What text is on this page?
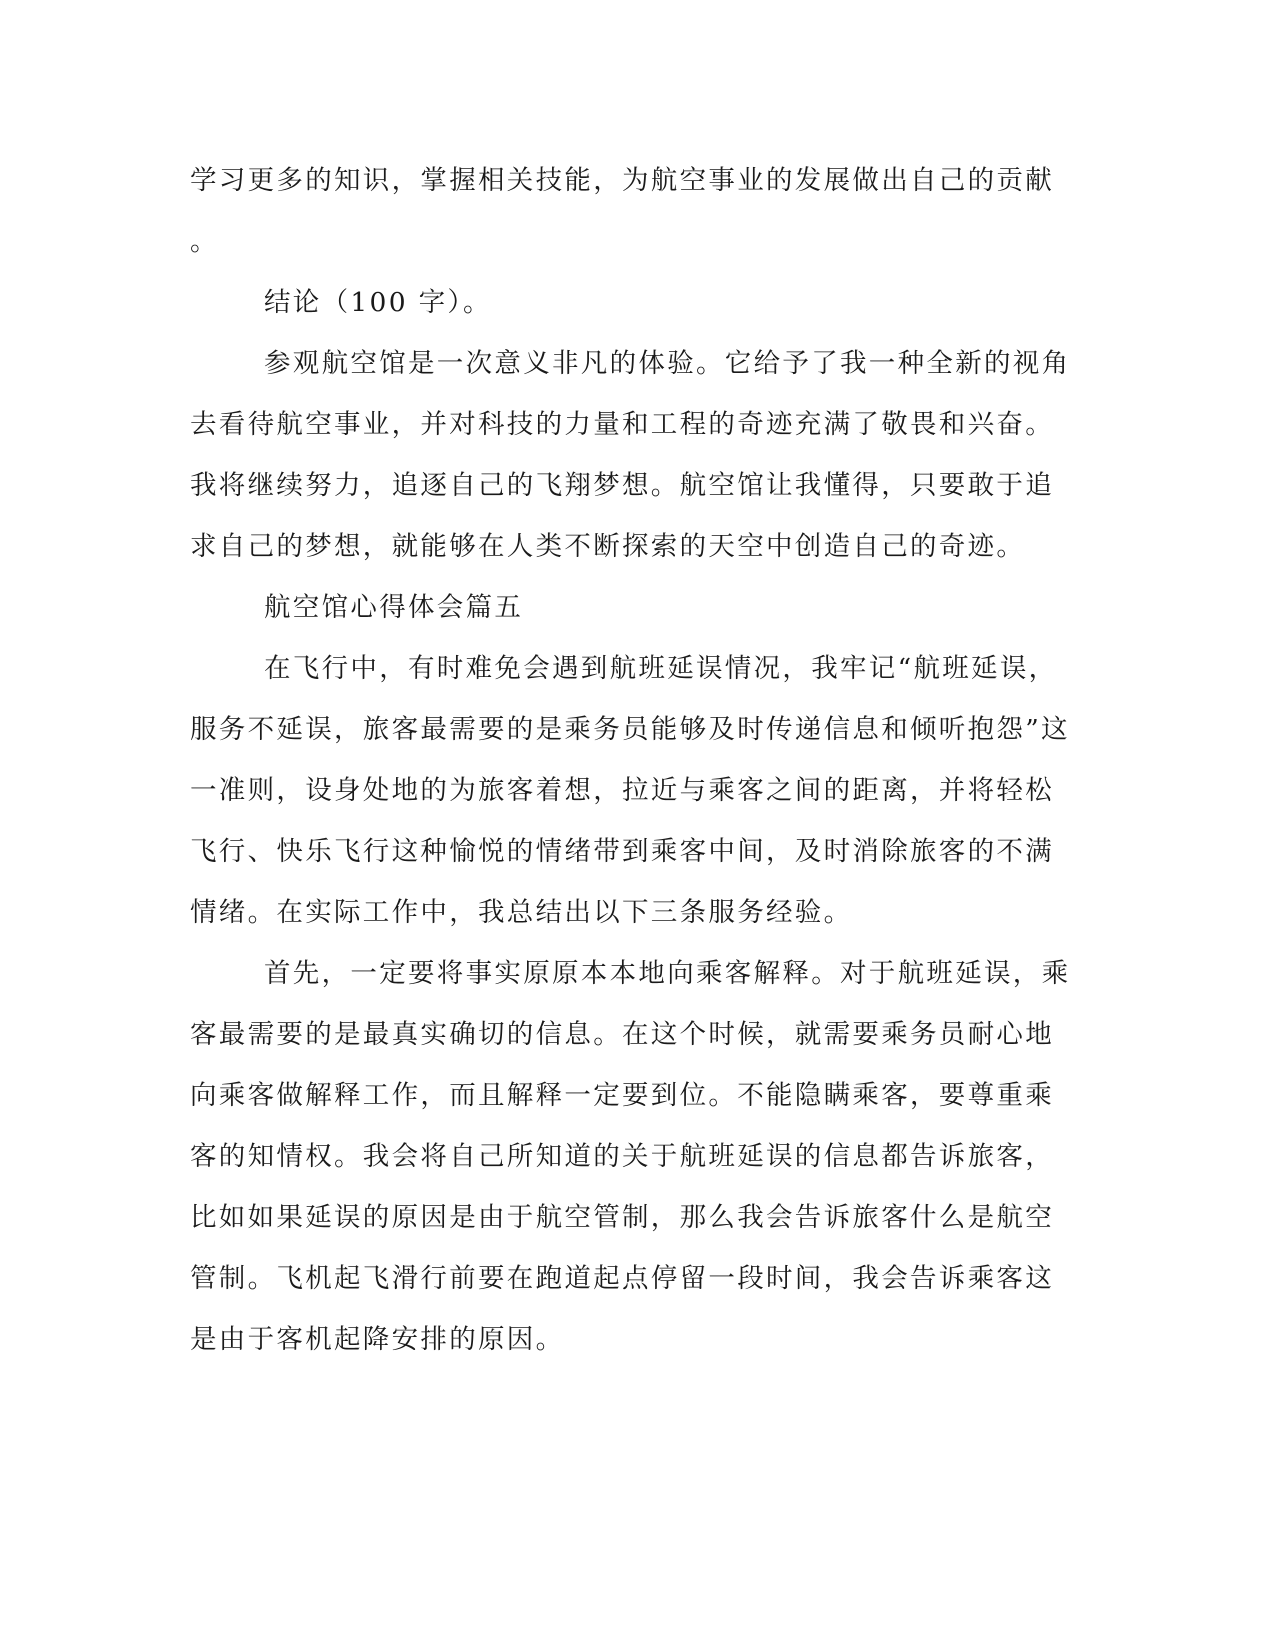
学习更多的知识，掌握相关技能，为航空事业的发展做出自己的贡献
。
结论（100 字）。
参观航空馆是一次意义非凡的体验。它给予了我一种全新的视角
去看待航空事业，并对科技的力量和工程的奇迹充满了敬畏和兴奋。
我将继续努力，追逐自己的飞翔梦想。航空馆让我懂得，只要敢于追
求自己的梦想，就能够在人类不断探索的天空中创造自己的奇迹。
航空馆心得体会篇五
在飞行中，有时难免会遇到航班延误情况，我牢记“航班延误，
服务不延误，旅客最需要的是乘务员能够及时传递信息和倾听抱怨”这
一准则，设身处地的为旅客着想，拉近与乘客之间的距离，并将轻松
飞行、快乐飞行这种愉悦的情绪带到乘客中间，及时消除旅客的不满
情绪。在实际工作中，我总结出以下三条服务经验。
首先，一定要将事实原原本本地向乘客解释。对于航班延误，乘
客最需要的是最真实确切的信息。在这个时候，就需要乘务员耐心地
向乘客做解释工作，而且解释一定要到位。不能隐瞒乘客，要尊重乘
客的知情权。我会将自己所知道的关于航班延误的信息都告诉旅客，
比如如果延误的原因是由于航空管制，那么我会告诉旅客什么是航空
管制。飞机起飞滑行前要在跑道起点停留一段时间，我会告诉乘客这
是由于客机起降安排的原因。
